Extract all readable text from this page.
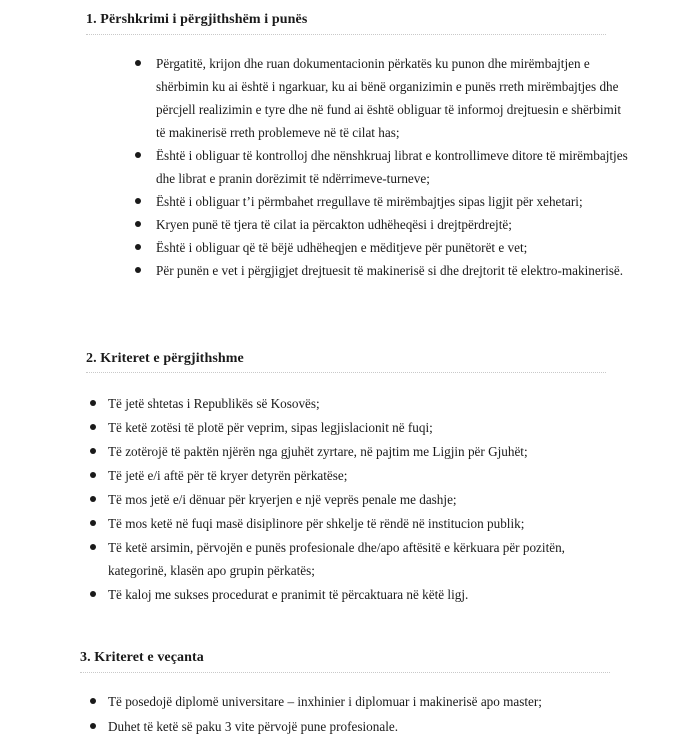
1. Përshkrimi i përgjithshëm i punës
Përgatitë, krijon dhe ruan dokumentacionin përkatës ku punon dhe mirëmbajtjen e shërbimin ku ai është i ngarkuar, ku ai bënë organizimin e punës rreth mirëmbajtjes dhe përcjell realizimin e tyre dhe në fund ai është obliguar të informoj drejtuesin e shërbimit të makinerisë rreth problemeve në të cilat has;
Është i obliguar të kontrolloj dhe nënshkruaj librat e kontrollimeve ditore të mirëmbajtjes dhe librat e pranin dorëzimit të ndërrimeve-turneve;
Është i obliguar t’i përmbahet rregullave të mirëmbajtjes sipas ligjit për xehetari;
Kryen punë të tjera të cilat ia përcakton udhëheqësi i drejtpërdrejtë;
Është i obliguar që të bëjë udhëheqjen e mëditjeve për punëtorët e vet;
Për punën e vet i përgjigjet drejtuesit të makinerisë si dhe drejtorit të elektro-makinerisë.
2. Kriteret e përgjithshme
Të jetë shtetas i Republikës së Kosovës;
Të ketë zotësi të plotë për veprim, sipas legjislacionit në fuqi;
Të zotërojë të paktën njërën nga gjuhët zyrtare, në pajtim me Ligjin për Gjuhët;
Të jetë e/i aftë për të kryer detyrën përkatëse;
Të mos jetë e/i dënuar për kryerjen e një veprës penale me dashje;
Të mos ketë në fuqi masë disiplinore për shkelje të rëndë në institucion publik;
Të ketë arsimin, përvojën e punës profesionale dhe/apo aftësitë e kërkuara për pozitën, kategorinë, klasën apo grupin përkatës;
Të kaloj me sukses procedurat e pranimit të përcaktuara në këtë ligj.
3. Kriteret e veçanta
Të posedojë diplomë universitare – inxhinier i diplomuar i makinerisë apo master;
Duhet të ketë së paku 3 vite përvojë pune profesionale.
